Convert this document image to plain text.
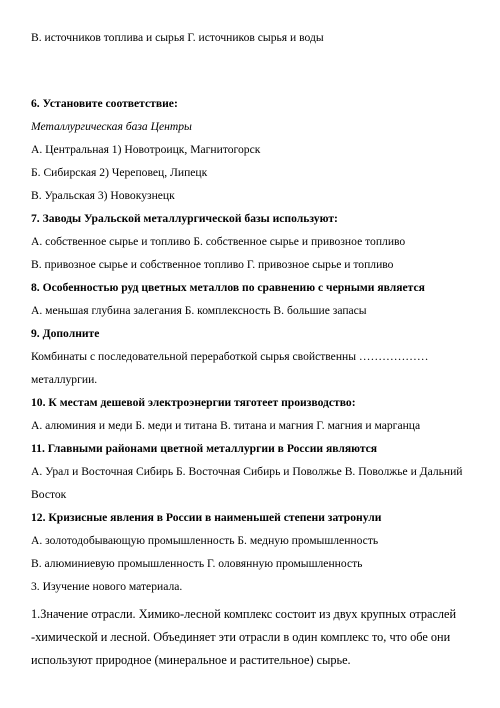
В. источников топлива и сырья Г. источников сырья и воды
6. Установите соответствие:
Металлургическая база Центры
А. Центральная 1) Новотроицк, Магнитогорск
Б. Сибирская 2) Череповец, Липецк
В. Уральская 3) Новокузнецк
7. Заводы Уральской металлургической базы используют:
А. собственное сырье и топливо Б. собственное сырье и привозное топливо
В. привозное сырье и собственное топливо Г. привозное сырье и топливо
8. Особенностью руд цветных металлов по сравнению с черными является
А. меньшая глубина залегания Б. комплексность В. большие запасы
9. Дополните
Комбинаты с последовательной переработкой сырья свойственны ………………
металлургии.
10. К местам дешевой электроэнергии тяготеет производство:
А. алюминия и меди Б. меди и титана В. титана и магния Г. магния и марганца
11. Главными районами цветной металлургии в России являются
А. Урал и Восточная Сибирь Б. Восточная Сибирь и Поволжье В. Поволжье и Дальний
Восток
12. Кризисные явления в России в наименьшей степени затронули
А. золотодобывающую промышленность Б. медную промышленность
В. алюминиевую промышленность Г. оловянную промышленность
3. Изучение нового материала.
1.Значение отрасли. Химико-лесной комплекс состоит из двух крупных отраслей
-химической и лесной. Объединяет эти отрасли в один комплекс то, что обе они
используют природное (минеральное и растительное) сырье.
